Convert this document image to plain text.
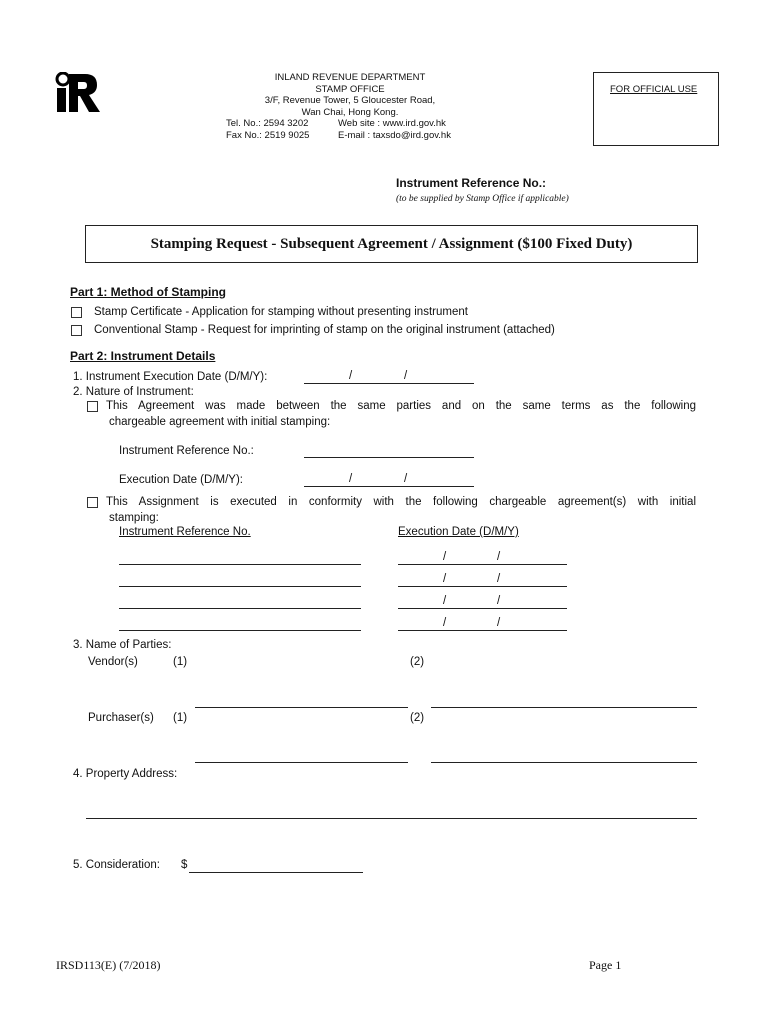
INLAND REVENUE DEPARTMENT
STAMP OFFICE
3/F, Revenue Tower, 5 Gloucester Road,
Wan Chai, Hong Kong.
Tel. No.: 2594 3202	Web site : www.ird.gov.hk
Fax No.: 2519 9025	E-mail : taxsdo@ird.gov.hk
FOR OFFICIAL USE
Instrument Reference No.:
(to be supplied by Stamp Office if applicable)
Stamping Request - Subsequent Agreement / Assignment ($100 Fixed Duty)
Part 1: Method of Stamping
Stamp Certificate - Application for stamping without presenting instrument
Conventional Stamp - Request for imprinting of stamp on the original instrument (attached)
Part 2: Instrument Details
1. Instrument Execution Date (D/M/Y):	/	/
2. Nature of Instrument:
This Agreement was made between the same parties and on the same terms as the following
chargeable agreement with initial stamping:
Instrument Reference No.:
Execution Date (D/M/Y):	/	/
This Assignment is executed in conformity with the following chargeable agreement(s) with initial
stamping:
Instrument Reference No.	Execution Date (D/M/Y)
/	/
/	/
/	/
/	/
3. Name of Parties:
Vendor(s)	(1)	(2)
Purchaser(s) (1)	(2)
4. Property Address:
5. Consideration: $
IRSD113(E) (7/2018)	Page 1
